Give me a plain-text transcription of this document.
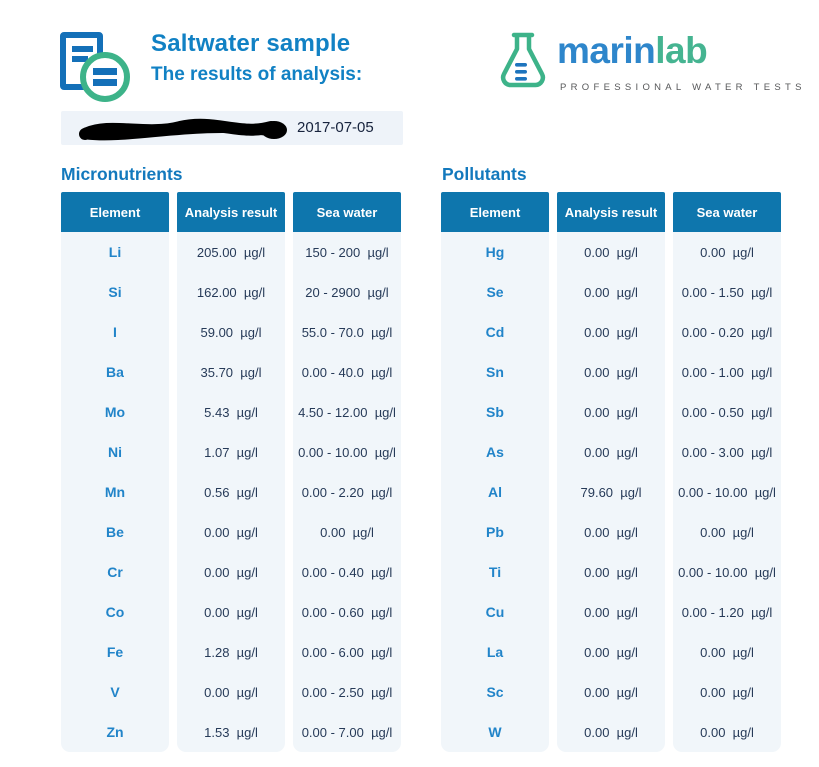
Saltwater sample
The results of analysis:
marinlab
PROFESSIONAL WATER TESTS
2017-07-05
Micronutrients	Pollutants
Element	Analysis result	Sea water
Li	205.00  µg/l	150 - 200  µg/l
Si	162.00  µg/l	20 - 2900  µg/l
I	59.00  µg/l	55.0 - 70.0  µg/l
Ba	35.70  µg/l	0.00 - 40.0  µg/l
Mo	5.43  µg/l	4.50 - 12.00  µg/l
Ni	1.07  µg/l	0.00 - 10.00  µg/l
Mn	0.56  µg/l	0.00 - 2.20  µg/l
Be	0.00  µg/l	0.00  µg/l
Cr	0.00  µg/l	0.00 - 0.40  µg/l
Co	0.00  µg/l	0.00 - 0.60  µg/l
Fe	1.28  µg/l	0.00 - 6.00  µg/l
V	0.00  µg/l	0.00 - 2.50  µg/l
Zn	1.53  µg/l	0.00 - 7.00  µg/l
Element	Analysis result	Sea water
Hg	0.00  µg/l	0.00  µg/l
Se	0.00  µg/l	0.00 - 1.50  µg/l
Cd	0.00  µg/l	0.00 - 0.20  µg/l
Sn	0.00  µg/l	0.00 - 1.00  µg/l
Sb	0.00  µg/l	0.00 - 0.50  µg/l
As	0.00  µg/l	0.00 - 3.00  µg/l
Al	79.60  µg/l	0.00 - 10.00  µg/l
Pb	0.00  µg/l	0.00  µg/l
Ti	0.00  µg/l	0.00 - 10.00  µg/l
Cu	0.00  µg/l	0.00 - 1.20  µg/l
La	0.00  µg/l	0.00  µg/l
Sc	0.00  µg/l	0.00  µg/l
W	0.00  µg/l	0.00  µg/l
